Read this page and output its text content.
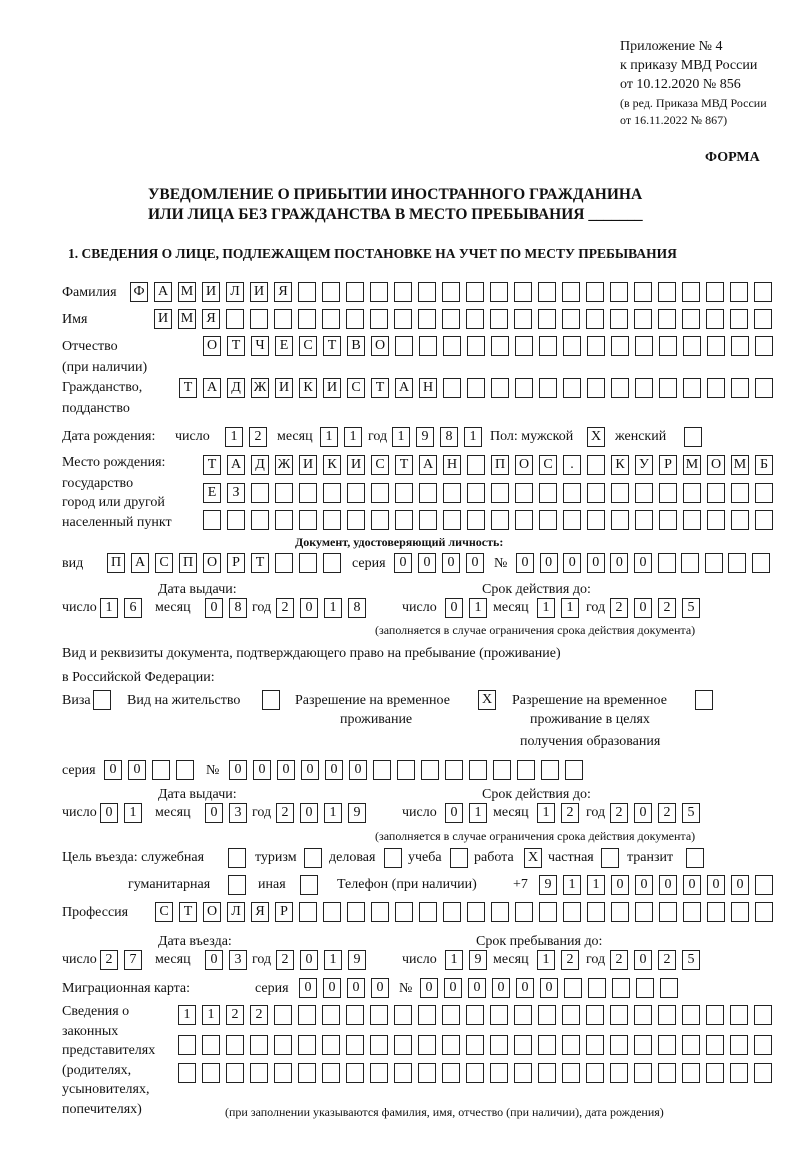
Приложение № 4
к приказу МВД России
от 10.12.2020 № 856
(в ред. Приказа МВД России
от 16.11.2022 № 867)
ФОРМА
УВЕДОМЛЕНИЕ О ПРИБЫТИИ ИНОСТРАННОГО ГРАЖДАНИНА
ИЛИ ЛИЦА БЕЗ ГРАЖДАНСТВА В МЕСТО ПРЕБЫВАНИЯ _______
1. СВЕДЕНИЯ О ЛИЦЕ, ПОДЛЕЖАЩЕМ ПОСТАНОВКЕ НА УЧЕТ ПО МЕСТУ ПРЕБЫВАНИЯ
Фамилия Ф А М И	Л	И	Я
Имя	И М Я
Отчество
(при наличии)
О	Т	Ч	Е	С	Т	В	О
Гражданство,
подданство
Т	А	Д Ж И	К	И	С	Т	А Н
Дата рождения: число	1	2	месяц 1	1 год 1	9	8	1 Пол: мужской X женский
Место рождения:
государство
город или другой
населенный пункт
Т	А	Д Ж И	К	И	С	Т	А Н	П О	С	.	К	У	Р М О М Б
Е	З
Документ, удостоверяющий личность:
вид П А	С	П О	Р	Т	серия 0	0	0	0	№	0	0	0	0	0	0
Дата выдачи:	Срок действия до:
число 1	6	месяц	0	8 год 2	0	1	8	число 0	1 месяц 1	1 год 2	0	2	5
(заполняется в случае ограничения срока действия документа)
Вид и реквизиты документа, подтверждающего право на пребывание (проживание)
в Российской Федерации:
Виза	Вид на жительство	Разрешение на временное
проживание
X Разрешение на временное
проживание в целях
получения образования
серия 0	0	№	0	0	0	0	0	0
Дата выдачи:	Срок действия до:
число 0	1	месяц	0	3 год 2	0	1	9	число 0	1 месяц 1	2 год 2	0	2	5
(заполняется в случае ограничения срока действия документа)
Цель въезда: служебная	туризм деловая учеба работа X частная транзит
гуманитарная	иная	Телефон (при наличии)	+7	9	1	1	0	0	0	0	0	0
Профессия	С	Т	О	Л	Я	Р
Дата въезда:	Срок пребывания до:
число 2	7	месяц	0	3 год 2	0	1	9	число 1	9 месяц 1	2 год 2	0	2	5
Миграционная карта:	серия	0	0	0	0	№ 0	0	0	0	0	0
Сведения о
законных
представителях
(родителях,
усыновителях,
попечителях)
1	1	2	2
(при заполнении указываются фамилия, имя, отчество (при наличии), дата рождения)
